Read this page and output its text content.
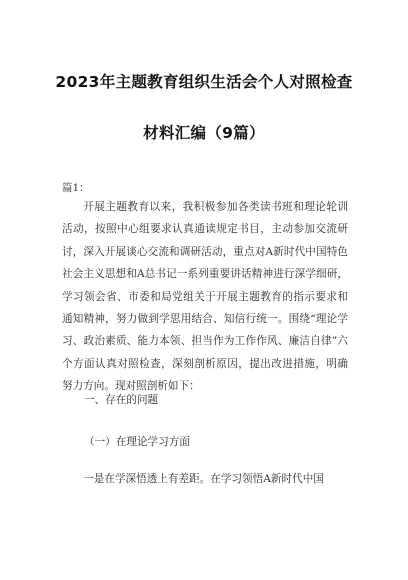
2023年主题教育组织生活会个人对照检查
材料汇编（9篇）
篇1：

开展主题教育以来，我积极参加各类读书班和理论轮训活动，按照中心组要求认真通读规定书目，主动参加交流研讨，深入开展谈心交流和调研活动，重点对A新时代中国特色社会主义思想和A总书记一系列重要讲话精神进行深学细研，学习领会省、市委和局党组关于开展主题教育的指示要求和通知精神，努力做到学思用结合、知信行统一。围绕“理论学习、政治素质、能力本领、担当作为工作作风、廉洁自律”六个方面认真对照检查，深刻剖析原因，提出改进措施，明确努力方向。现对照剖析如下：

一、存在的问题
（一）在理论学习方面

一是在学深悟透上有差距。在学习领悟A新时代中国
